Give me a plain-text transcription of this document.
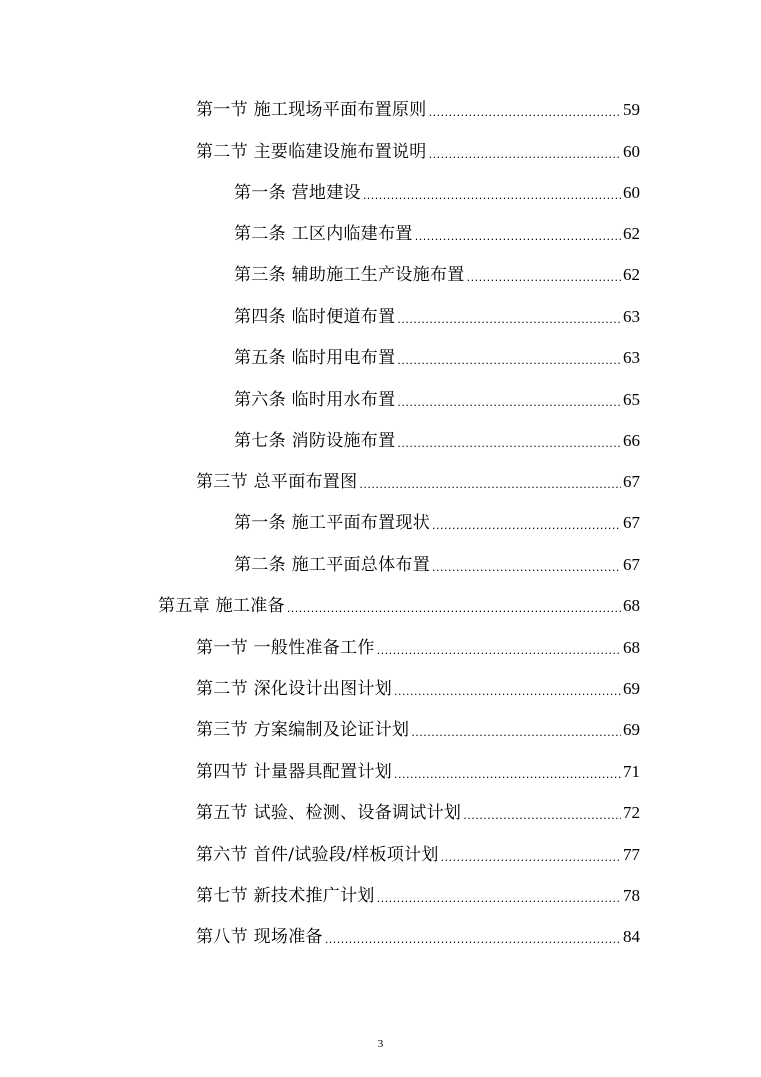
第一节 施工现场平面布置原则 .....	59
第二节 主要临建设施布置说明 .....	60
第一条 营地建设 .....	60
第二条 工区内临建布置 .....	62
第三条 辅助施工生产设施布置 .....	62
第四条 临时便道布置 .....	63
第五条 临时用电布置 .....	63
第六条 临时用水布置 .....	65
第七条 消防设施布置 .....	66
第三节 总平面布置图 .....	67
第一条 施工平面布置现状 .....	67
第二条 施工平面总体布置 .....	67
第五章 施工准备 .....	68
第一节 一般性准备工作 .....	68
第二节 深化设计出图计划 .....	69
第三节 方案编制及论证计划 .....	69
第四节 计量器具配置计划 .....	71
第五节 试验、检测、设备调试计划 .....	72
第六节 首件/试验段/样板项计划 .....	77
第七节 新技术推广计划 .....	78
第八节 现场准备 .....	84
3
